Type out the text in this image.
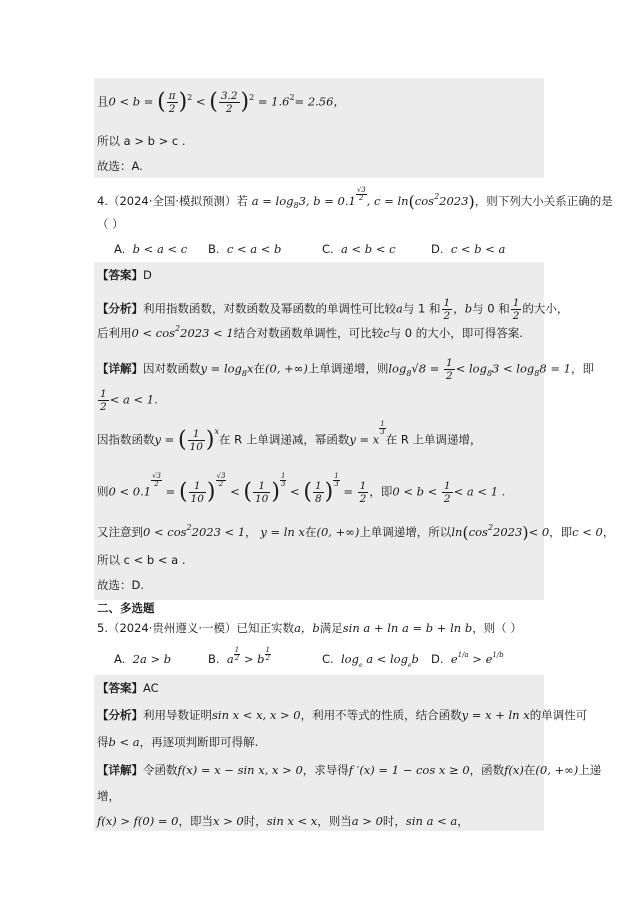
且0 < b = ( $\frac{\pi}{2} )^2$ < ( $\frac{3.2}{2} )^2 = 1.6^2= 2.56$，
所以 a > b > c .
故选：A.
4.（2024·全国·模拟预测）若 $a = \log_83$, $b = 0.1 \frac{√3}{2}$ , $c = \ln(\cos^22023)$，则下列大小关系正确的是
（ ）
A. b < a < c B. c < a < b	C. a < b < c	D. c < b < a
【答案】D
【分析】利用指数函数，对数函数及幂函数的单调性可比较a与 1 和 $\frac{1}{2}$ ，b与 0 和 $\frac{1}{2}$ 的大小，
后利用$0 < \cos^22023 < 1$结合对数函数单调性，可比较c与 0 的大小，即可得答案.
【详解】因对数函数$y = \log_8x$在(0, +∞)上单调递增，则$\log_8√8 = \frac{1}{2} < \log_83 < \log_88 = 1$，即
$\frac{1}{2} < a < 1$.
因指数函数y = ( $\frac{1}{10} )^x$在 R 上单调递减，幂函数y = x
$\frac{1}{3}$
在 R 上单调递增，
则0 < 0.1
$\frac{√3}{2}$
= ( $\frac{1}{10}$ ) $\frac{√3}{2}$
< ( $\frac{1}{10}$ ) $\frac{1}{3}$
< ( $\frac{1}{8}$ ) $\frac{1}{3}$
= $\frac{1}{2}$ ，即$0 < b < \frac{1}{2} < a < 1$ .
又注意到$0 < \cos^22023 < 1$， y = ln x在(0, +∞)上单调递增，所以$\ln(\cos^22023)< 0$，即c < 0，
所以 c < b < a .
故选：D.
二、多选题
5.（2024·贵州遵义·一模）已知正实数a，b满足sin a + ln a = b + ln b，则（ ）
A. 2a > b	B. a $\frac{1}{2} > b \frac{1}{2}$	C. $\log_e a < \log_eb$ D. $e^{1/a} > e^{1/b}$
【答案】AC
【分析】利用导数证明sin x < x, x > 0，利用不等式的性质，结合函数y = x + ln x的单调性可
得b < a，再逐项判断即可得解.
【详解】令函数f(x) = x − sin x, x > 0，求导得f ′(x) = 1 − cos x ≥ 0，函数f(x)在(0, +∞)上递
增，
f(x) > f(0) = 0，即当x > 0时，sin x < x，则当a > 0时，sin a < a，
